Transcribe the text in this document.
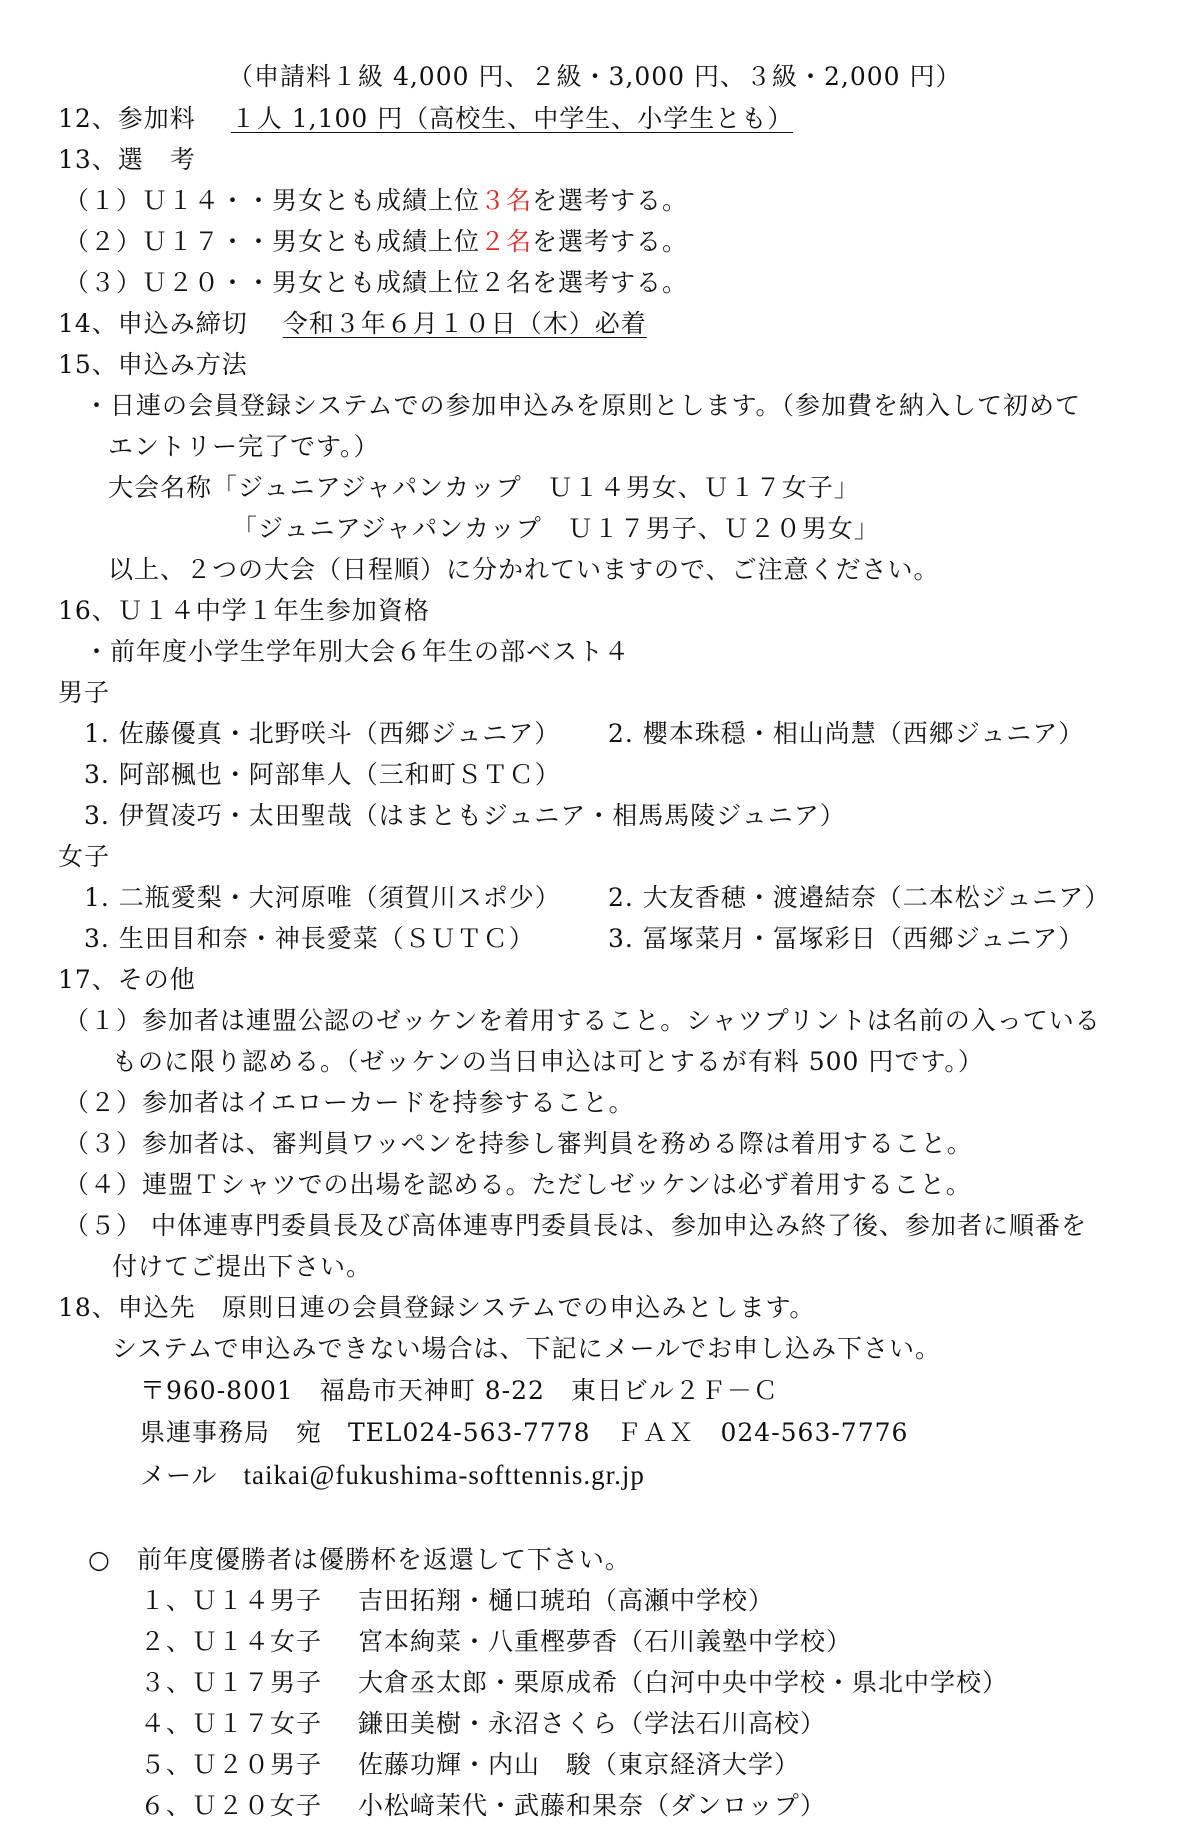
（申請料１級 4,000 円、２級・3,000 円、３級・2,000 円）
12、参加料　 １人 1,100 円（高校生、中学生、小学生とも）
13、選　考
（１）Ｕ１４・・男女とも成績上位３名を選考する。
（２）Ｕ１７・・男女とも成績上位２名を選考する。
（３）Ｕ２０・・男女とも成績上位２名を選考する。
14、申込み締切　 令和３年６月１０日（木）必着
15、申込み方法
・日連の会員登録システムでの参加申込みを原則とします。（参加費を納入して初めて
エントリー完了です。）
大会名称「ジュニアジャパンカップ　Ｕ１４男女、Ｕ１７女子」
「ジュニアジャパンカップ　Ｕ１７男子、Ｕ２０男女」
以上、２つの大会（日程順）に分かれていますので、ご注意ください。
16、Ｕ１４中学１年生参加資格
・前年度小学生学年別大会６年生の部ベスト４
男子
1. 佐藤優真・北野咲斗（西郷ジュニア） 2. 櫻本珠穏・相山尚慧（西郷ジュニア）
3. 阿部楓也・阿部隼人（三和町ＳＴＣ）
3. 伊賀凌巧・太田聖哉（はまともジュニア・相馬馬陵ジュニア）
女子
1. 二瓶愛梨・大河原唯（須賀川スポ少） 2. 大友香穂・渡邉結奈（二本松ジュニア）
3. 生田目和奈・神長愛菜（ＳＵＴＣ）	3. 冨塚菜月・冨塚彩日（西郷ジュニア）
17、その他
（１）参加者は連盟公認のゼッケンを着用すること。シャツプリントは名前の入っている
ものに限り認める。（ゼッケンの当日申込は可とするが有料 500 円です。）
（２）参加者はイエローカードを持参すること。
（３）参加者は、審判員ワッペンを持参し審判員を務める際は着用すること。
（４）連盟Ｔシャツでの出場を認める。ただしゼッケンは必ず着用すること。
（５） 中体連専門委員長及び高体連専門委員長は、参加申込み終了後、参加者に順番を
付けてご提出下さい。
18、申込先　 原則日連の会員登録システムでの申込みとします。
システムで申込みできない場合は、下記にメールでお申し込み下さい。
〒960-8001　福島市天神町 8-22　東日ビル２Ｆ－Ｃ
県連事務局　宛　TEL024-563-7778　ＦＡＸ　024-563-7776
メール　 taikai@fukushima-softtennis.gr.jp
○　 前年度優勝者は優勝杯を返還して下さい。
１、Ｕ１４男子 吉田拓翔・樋口琥珀（高瀬中学校）
２、Ｕ１４女子 宮本絢菜・八重樫夢香（石川義塾中学校）
３、Ｕ１７男子 大倉丞太郎・栗原成希（白河中央中学校・県北中学校）
４、Ｕ１７女子 鎌田美樹・永沼さくら（学法石川高校）
５、Ｕ２０男子 佐藤功輝・内山　駿（東京経済大学）
６、Ｕ２０女子 小松﨑茉代・武藤和果奈（ダンロップ）
